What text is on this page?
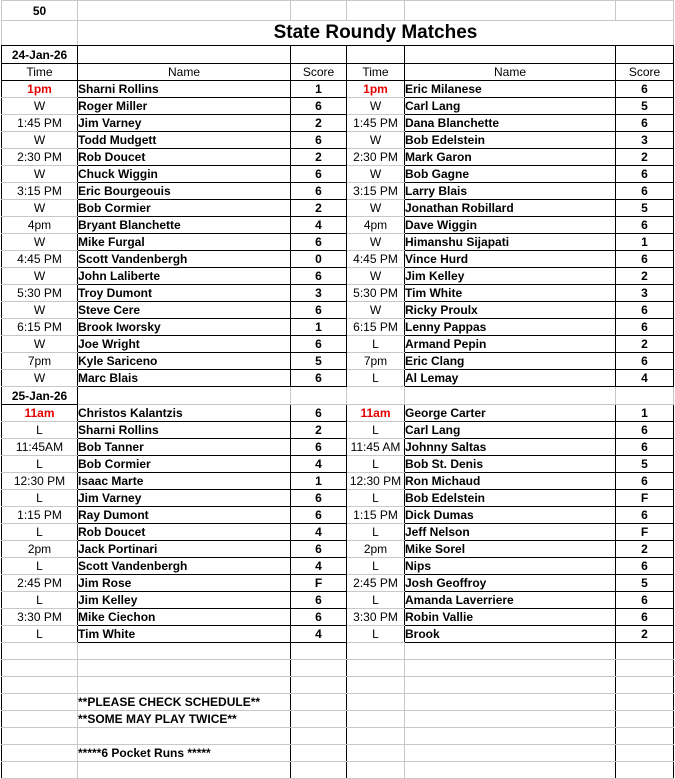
50					
	State Roundy Matches				
24-Jan-26					
Time	Name	Score	Time	Name	Score
1pm	Sharni Rollins	1	1pm	Eric Milanese	6
W	Roger Miller	6	W	Carl Lang	5
1:45 PM	Jim Varney	2	1:45 PM	Dana Blanchette	6
W	Todd Mudgett	6	W	Bob Edelstein	3
2:30 PM	Rob Doucet	2	2:30 PM	Mark Garon	2
W	Chuck Wiggin	6	W	Bob Gagne	6
3:15 PM	Eric Bourgeouis	6	3:15 PM	Larry Blais	6
W	Bob Cormier	2	W	Jonathan Robillard	5
4pm	Bryant Blanchette	4	4pm	Dave Wiggin	6
W	Mike Furgal	6	W	Himanshu Sijapati	1
4:45 PM	Scott Vandenbergh	0	4:45 PM	Vince Hurd	6
W	John Laliberte	6	W	Jim Kelley	2
5:30 PM	Troy Dumont	3	5:30 PM	Tim White	3
W	Steve Cere	6	W	Ricky Proulx	6
6:15 PM	Brook Iworsky	1	6:15 PM	Lenny Pappas	6
W	Joe Wright	6	L	Armand Pepin	2
7pm	Kyle Sariceno	5	7pm	Eric Clang	6
W	Marc Blais	6	L	Al Lemay	4
25-Jan-26					
11am	Christos Kalantzis	6	11am	George Carter	1
L	Sharni Rollins	2	L	Carl Lang	6
11:45AM	Bob Tanner	6	11:45 AM	Johnny Saltas	6
L	Bob Cormier	4	L	Bob St. Denis	5
12:30 PM	Isaac Marte	1	12:30 PM	Ron Michaud	6
L	Jim Varney	6	L	Bob Edelstein	F
1:15 PM	Ray Dumont	6	1:15 PM	Dick Dumas	6
L	Rob Doucet	4	L	Jeff Nelson	F
2pm	Jack Portinari	6	2pm	Mike Sorel	2
L	Scott Vandenbergh	4	L	Nips	6
2:45 PM	Jim Rose	F	2:45 PM	Josh Geoffroy	5
L	Jim Kelley	6	L	Amanda Laverriere	6
3:30 PM	Mike Ciechon	6	3:30 PM	Robin Vallie	6
L	Tim White	4	L	Brook	2

	**PLEASE CHECK SCHEDULE**				
	**SOME MAY PLAY TWICE**				

	*****6 Pocket Runs *****				
